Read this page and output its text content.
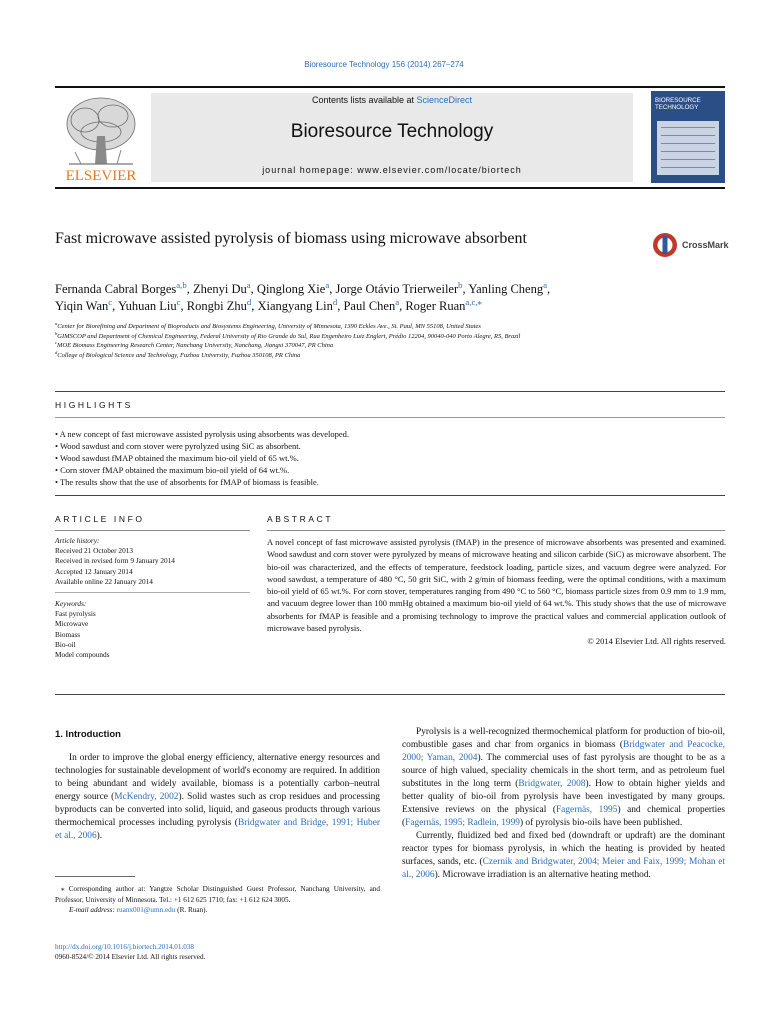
Bioresource Technology 156 (2014) 267–274
ELSEVIER
Contents lists available at ScienceDirect
Bioresource Technology
journal homepage: www.elsevier.com/locate/biortech
BIORESOURCE
TECHNOLOGY
Fast microwave assisted pyrolysis of biomass using microwave absorbent	CrossMark
Fernanda Cabral Borges$^{a,b}$, Zhenyi Du$^a$, Qinglong Xie$^a$, Jorge Otávio Trierweiler$^b$, Yanling Cheng$^a$,
Yiqin Wan$^c$, Yuhuan Liu$^c$, Rongbi Zhu$^d$, Xiangyang Lin$^d$, Paul Chen$^a$, Roger Ruan$^{a,c,⁎}$
$^a$Center for Biorefining and Department of Bioproducts and Biosystems Engineering, University of Minnesota, 1390 Eckles Ave., St. Paul, MN 55108, United States
$^b$GIMSCOP and Department of Chemical Engineering, Federal University of Rio Grande do Sul, Rua Engenheiro Luiz Englert, Prédio 12204, 90040-040 Porto Alegre, RS, Brazil
$^c$MOE Biomass Engineering Research Center, Nanchang University, Nanchang, Jiangxi 370047, PR China
$^d$College of Biological Science and Technology, Fuzhou University, Fuzhou 350108, PR China
HIGHLIGHTS
• A new concept of fast microwave assisted pyrolysis using absorbents was developed.
• Wood sawdust and corn stover were pyrolyzed using SiC as absorbent.
• Wood sawdust fMAP obtained the maximum bio-oil yield of 65 wt.%.
• Corn stover fMAP obtained the maximum bio-oil yield of 64 wt.%.
• The results show that the use of absorbents for fMAP of biomass is feasible.
ARTICLE INFO	ABSTRACT
Article history:
Received 21 October 2013
Received in revised form 9 January 2014
Accepted 12 January 2014
Available online 22 January 2014
Keywords:
Fast pyrolysis
Microwave
Biomass
Bio-oil
Model compounds
A novel concept of fast microwave assisted pyrolysis (fMAP) in the presence of microwave absorbents was presented and examined. Wood sawdust and corn stover were pyrolyzed by means of microwave heating and silicon carbide (SiC) as microwave absorbent. The bio-oil was characterized, and the effects of temperature, feedstock loading, particle sizes, and vacuum degree were analyzed. For wood sawdust, a temperature of 480 °C, 50 grit SiC, with 2 g/min of biomass feeding, were the optimal conditions, with a maximum bio-oil yield of 65 wt.%. For corn stover, temperatures ranging from 490 °C to 560 °C, biomass particle sizes from 0.9 mm to 1.9 mm, and vacuum degree lower than 100 mmHg obtained a maximum bio-oil yield of 64 wt.%. This study shows that the use of microwave absorbents for fMAP is feasible and a promising technology to improve the practical values and commercial application outlook of microwave based pyrolysis.
© 2014 Elsevier Ltd. All rights reserved.
1. Introduction
In order to improve the global energy efficiency, alternative energy resources and technologies for sustainable development of world's economy are required. In addition to being abundant and widely available, biomass is a potentially carbon–neutral energy source (McKendry, 2002). Solid wastes such as crop residues and processing byproducts can be converted into solid, liquid, and gaseous products through various thermochemical processes including pyrolysis (Bridgwater and Bridge, 1991; Huber et al., 2006).
Pyrolysis is a well-recognized thermochemical platform for production of bio-oil, combustible gases and char from organics in biomass (Bridgwater and Peacocke, 2000; Yaman, 2004). The commercial uses of fast pyrolysis are thought to be as a source of high valued, speciality chemicals in the short term, and as petroleum fuel substitutes in the long term (Bridgwater, 2008). How to obtain higher yields and better quality of bio-oil from pyrolysis have been investigated by many groups. Extensive reviews on the physical (Fagernäs, 1995) and chemical properties (Fagernäs, 1995; Radlein, 1999) of pyrolysis bio-oils have been published.
Currently, fluidized bed and fixed bed (downdraft or updraft) are the dominant reactor types for biomass pyrolysis, in which the heating is provided by heated surfaces, sands, etc. (Czernik and Bridgwater, 2004; Meier and Faix, 1999; Mohan et al., 2006). Microwave irradiation is an alternative heating method.
⁎ Corresponding author at: Yangtze Scholar Distinguished Guest Professor, Nanchang University, and Professor, University of Minnesota. Tel.: +1 612 625 1710; fax: +1 612 624 3005.
E-mail address: ruanx001@umn.edu (R. Ruan).
http://dx.doi.org/10.1016/j.biortech.2014.01.038
0960-8524/© 2014 Elsevier Ltd. All rights reserved.
